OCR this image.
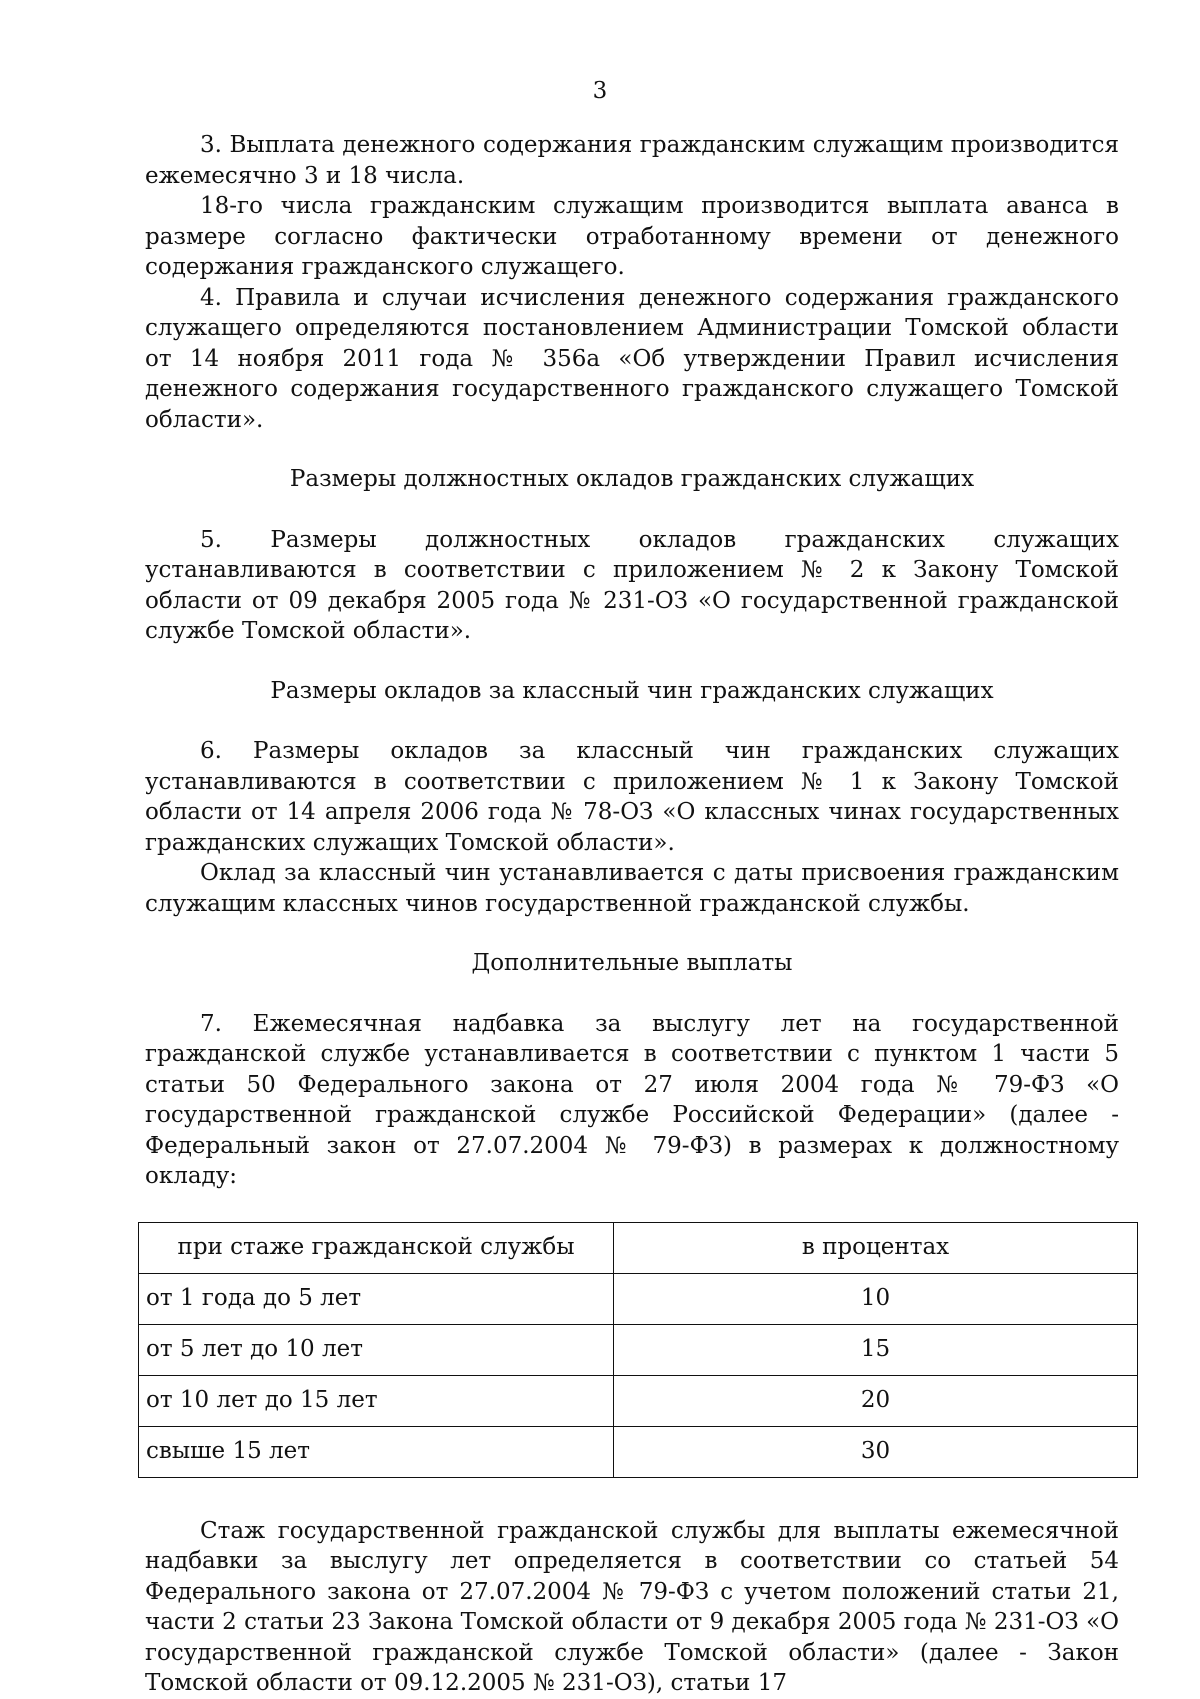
3

3. Выплата денежного содержания гражданским служащим производится ежемесячно 3 и 18 числа.

18-го числа гражданским служащим производится выплата аванса в размере согласно фактически отработанному времени от денежного содержания гражданского служащего.

4. Правила и случаи исчисления денежного содержания гражданского служащего определяются постановлением Администрации Томской области от 14 ноября 2011 года № 356а «Об утверждении Правил исчисления денежного содержания государственного гражданского служащего Томской области».

Размеры должностных окладов гражданских служащих

5. Размеры должностных окладов гражданских служащих устанавливаются в соответствии с приложением № 2 к Закону Томской области от 09 декабря 2005 года № 231-ОЗ «О государственной гражданской службе Томской области».

Размеры окладов за классный чин гражданских служащих

6. Размеры окладов за классный чин гражданских служащих устанавливаются в соответствии с приложением № 1 к Закону Томской области от 14 апреля 2006 года № 78-ОЗ «О классных чинах государственных гражданских служащих Томской области».

Оклад за классный чин устанавливается с даты присвоения гражданским служащим классных чинов государственной гражданской службы.

Дополнительные выплаты

7. Ежемесячная надбавка за выслугу лет на государственной гражданской службе устанавливается в соответствии с пунктом 1 части 5 статьи 50 Федерального закона от 27 июля 2004 года № 79-ФЗ «О государственной гражданской службе Российской Федерации» (далее - Федеральный закон от 27.07.2004 № 79-ФЗ) в размерах к должностному окладу:

при стаже гражданской службы	в процентах
от 1 года до 5 лет	10
от 5 лет до 10 лет	15
от 10 лет до 15 лет	20
свыше 15 лет	30

Стаж государственной гражданской службы для выплаты ежемесячной надбавки за выслугу лет определяется в соответствии со статьей 54 Федерального закона от 27.07.2004 № 79-ФЗ с учетом положений статьи 21, части 2 статьи 23 Закона Томской области от 9 декабря 2005 года № 231-ОЗ «О государственной гражданской службе Томской области» (далее - Закон Томской области от 09.12.2005 № 231-ОЗ), статьи 17
